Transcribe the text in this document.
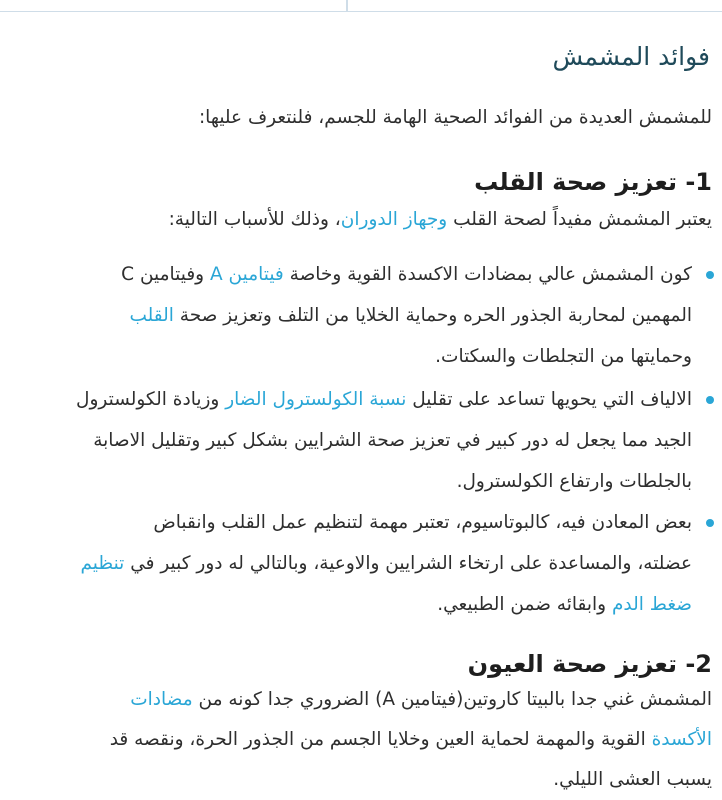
فوائد المشمش

للمشمش العديدة من الفوائد الصحية الهامة للجسم، فلنتعرف عليها:

1- تعزيز صحة القلب

يعتبر المشمش مفيداً لصحة القلب وجهاز الدوران، وذلك للأسباب التالية:

كون المشمش عالي بمضادات الاكسدة القوية وخاصة فيتامين A وفيتامين C
المهمين لمحاربة الجذور الحره وحماية الخلايا من التلف وتعزيز صحة القلب
وحمايتها من التجلطات والسكتات.
الالياف التي يحويها تساعد على تقليل نسبة الكولسترول الضار وزيادة الكولسترول
الجيد مما يجعل له دور كبير في تعزيز صحة الشرايين بشكل كبير وتقليل الاصابة
بالجلطات وارتفاع الكولسترول.
بعض المعادن فيه، كالبوتاسيوم، تعتبر مهمة لتنظيم عمل القلب وانقباض
عضلته، والمساعدة على ارتخاء الشرايين والاوعية، وبالتالي له دور كبير في تنظيم
ضغط الدم وابقائه ضمن الطبيعي.
2- تعزيز صحة العيون

المشمش غني جدا بالبيتا كاروتين(فيتامين A) الضروري جدا كونه من مضادات

الأكسدة القوية والمهمة لحماية العين وخلايا الجسم من الجذور الحرة، ونقصه قد

يسبب العشى الليلي.
